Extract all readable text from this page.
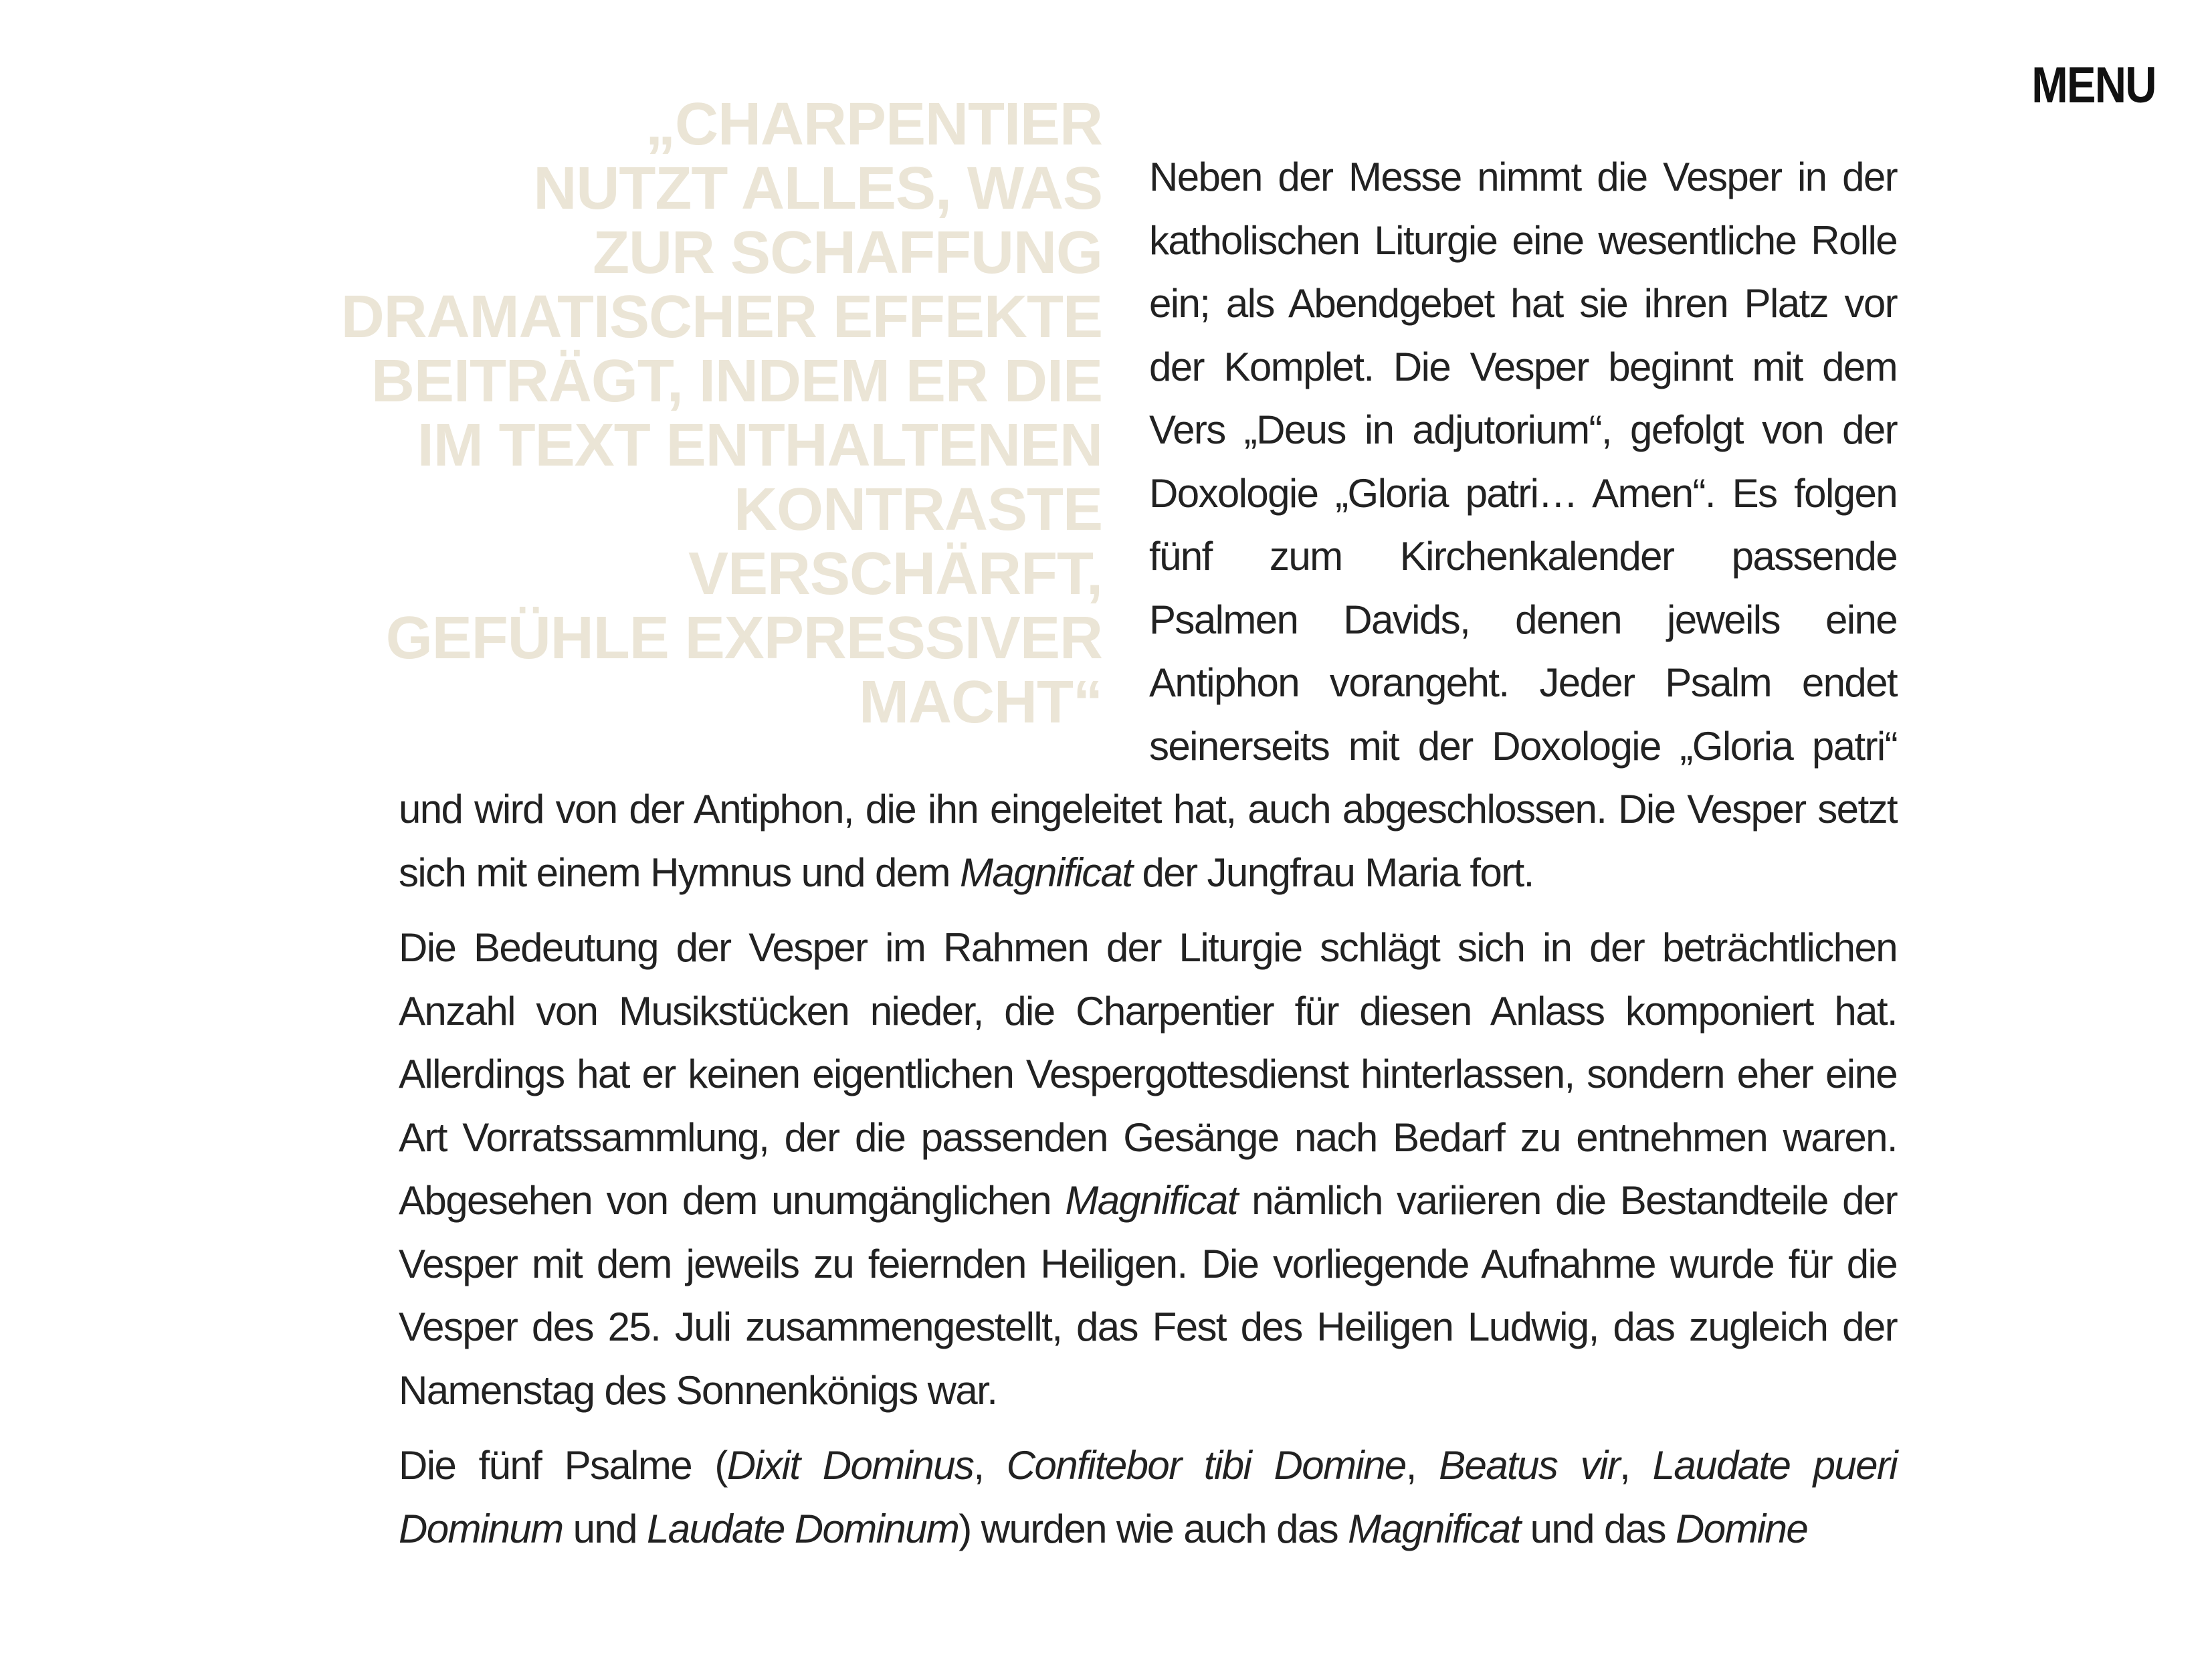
MENU
„CHARPENTIER
NUTZT ALLES, WAS
ZUR SCHAFFUNG
DRAMATISCHER EFFEKTE
BEITRÄGT, INDEM ER DIE
IM TEXT ENTHALTENEN
KONTRASTE VERSCHÄRFT,
GEFÜHLE EXPRESSIVER
MACHT“

Neben der Messe nimmt die Vesper in der katholischen Liturgie eine wesentliche Rolle ein; als Abendgebet hat sie ihren Platz vor der Komplet. Die Vesper beginnt mit dem Vers „Deus in adjutorium“, gefolgt von der Doxologie „Gloria patri… Amen“. Es folgen fünf zum Kirchenkalender passende Psalmen Davids, denen jeweils eine Antiphon vorangeht. Jeder Psalm endet seinerseits mit der Doxologie „Gloria patri“ und wird von der Antiphon, die ihn eingeleitet hat, auch abgeschlossen. Die Vesper setzt sich mit einem Hymnus und dem Magnificat der Jungfrau Maria fort.

Die Bedeutung der Vesper im Rahmen der Liturgie schlägt sich in der beträchtlichen Anzahl von Musikstücken nieder, die Charpentier für diesen Anlass komponiert hat. Allerdings hat er keinen eigentlichen Vespergottesdienst hinterlassen, sondern eher eine Art Vorratssammlung, der die passenden Gesänge nach Bedarf zu entnehmen waren. Abgesehen von dem unumgänglichen Magnificat nämlich variieren die Bestandteile der Vesper mit dem jeweils zu feiernden Heiligen. Die vorliegende Aufnahme wurde für die Vesper des 25. Juli zusammengestellt, das Fest des Heiligen Ludwig, das zugleich der Namenstag des Sonnenkönigs war.

Die fünf Psalme (Dixit Dominus, Confitebor tibi Domine, Beatus vir, Laudate pueri Dominum und Laudate Dominum) wurden wie auch das Magnificat und das Domine
